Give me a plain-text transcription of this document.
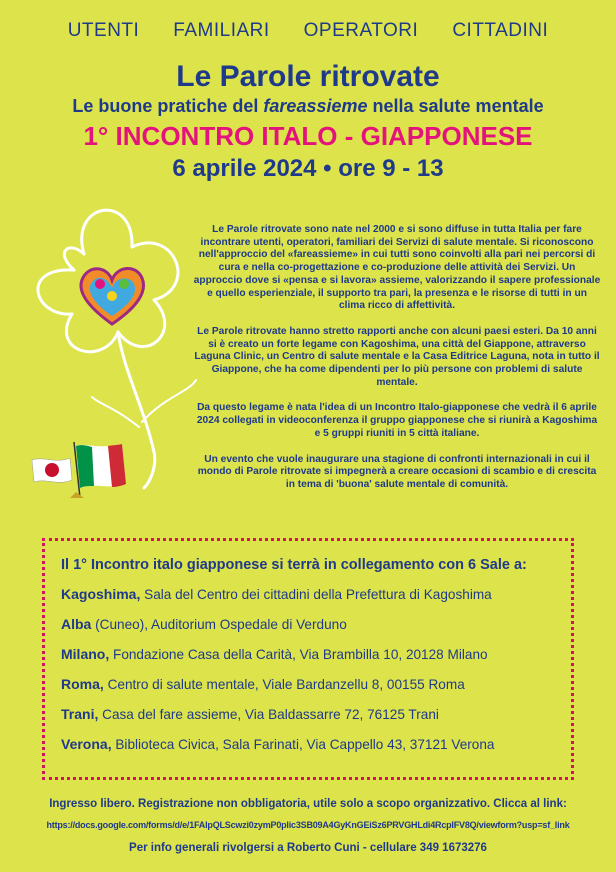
UTENTI FAMILIARI OPERATORI CITTADINI
Le Parole ritrovate
Le buone pratiche del fareassieme nella salute mentale
1° INCONTRO ITALO - GIAPPONESE
6 aprile 2024 • ore 9 - 13

Le Parole ritrovate sono nate nel 2000 e si sono diffuse in tutta Italia per fare incontrare utenti, operatori, familiari dei Servizi di salute mentale. Si riconoscono nell'approccio del «fareassieme» in cui tutti sono coinvolti alla pari nei percorsi di cura e nella co-progettazione e co-produzione delle attività dei Servizi. Un approccio dove si «pensa e si lavora» assieme, valorizzando il sapere professionale e quello esperienziale, il supporto tra pari, la presenza e le risorse di tutti in un clima ricco di affettività.

Le Parole ritrovate hanno stretto rapporti anche con alcuni paesi esteri. Da 10 anni si è creato un forte legame con Kagoshima, una città del Giappone, attraverso Laguna Clinic, un Centro di salute mentale e la Casa Editrice Laguna, nota in tutto il Giappone, che ha come dipendenti per lo più persone con problemi di salute mentale.

Da questo legame è nata l'idea di un Incontro Italo-giapponese che vedrà il 6 aprile 2024 collegati in videoconferenza il gruppo giapponese che si riunirà a Kagoshima e 5 gruppi riuniti in 5 città italiane.

Un evento che vuole inaugurare una stagione di confronti internazionali in cui il mondo di Parole ritrovate si impegnerà a creare occasioni di scambio e di crescita in tema di 'buona' salute mentale di comunità.

Il 1° Incontro italo giapponese si terrà in collegamento con 6 Sale a:
Kagoshima, Sala del Centro dei cittadini della Prefettura di Kagoshima
Alba (Cuneo), Auditorium Ospedale di Verduno
Milano, Fondazione Casa della Carità, Via Brambilla 10, 20128 Milano
Roma, Centro di salute mentale, Viale Bardanzellu 8, 00155 Roma
Trani, Casa del fare assieme, Via Baldassarre 72, 76125 Trani
Verona, Biblioteca Civica, Sala Farinati, Via Cappello 43, 37121 Verona
Ingresso libero. Registrazione non obbligatoria, utile solo a scopo organizzativo. Clicca al link:
https://docs.google.com/forms/d/e/1FAIpQLScwzi0zymP0plic3SB09A4GyKnGEiSz6PRVGHLdi4RcpIFV8Q/viewform?usp=sf_link
Per info generali rivolgersi a Roberto Cuni - cellulare 349 1673276
